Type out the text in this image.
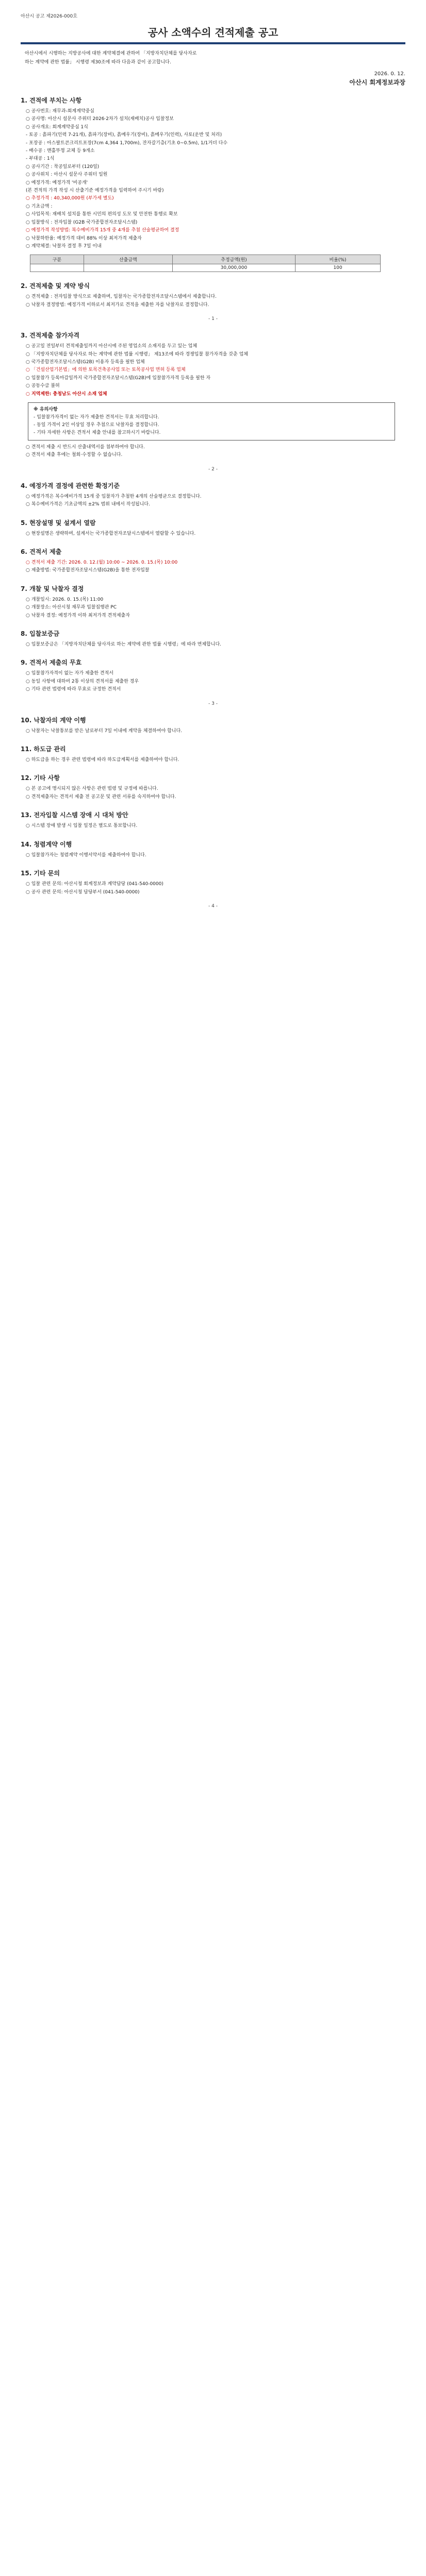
아산시 공고 제2026-000호
공사 소액수의 견적제출 공고
아산시에서 시행하는 지방공사에 대한 계약체결에 관하여 「지방자치단체를 당사자로
하는 계약에 관한 법률」 시행령 제30조에 따라 다음과 같이 공고합니다.
2026. 0. 12.
아산시 회계정보과장
1. 견적에 부치는 사항
○ 공사번호: 재무과-회계계약중심
○ 공사명: 아산시 설문사 주위터 2026·2차가 설치(재배치)공사 입찰정보
○ 공사개요: 회계계약중심 1식
- 토공 : 흙파기(인력 7-21개), 흙파기(장비), 흙메우기(장비), 흙메우기(인력), 사토(운반 및 처리)
- 포장공 : 아스팔트콘크리트포장(7cm 4,364 1,700m), 잔자갈기층(기초 0~0.5m), 1/1거더 다수
- 배수공 : 맨홀뚜껑 교체 등 9개소
- 부대공 : 1식
○ 공사기간 : 착공일로부터 (120일)
○ 공사위치 : 아산시 설문사 주위터 일원
○ 예정가격: 예정가격 '비공개'
(본 견적의 가격 작성 시 산출기준 예정가격을 입력하여 주시기 바람)
○ 추정가격 : 40,340,000원 (부가세 별도)
○ 기초금액 :
○ 사업목적: 재배치 설치를 통한 시민의 편의성 도모 및 안전한 통행로 확보
○ 입찰방식 : 전자입찰 (G2B 국가종합전자조달시스템)
○ 예정가격 작성방법: 복수예비가격 15개 중 4개를 추첨 산술평균하여 결정
○ 낙찰하한율: 예정가격 대비 88% 이상 최저가격 제출자
○ 계약체결: 낙찰자 결정 후 7일 이내
구분	산출금액	추정금액(원)	비율(%)
		30,000,000	100
2. 견적제출 및 계약 방식
○ 견적제출 : 전자입찰 방식으로 제출하며, 입찰자는 국가종합전자조달시스템에서 제출합니다.
○ 낙찰자 결정방법: 예정가격 이하로서 최저가로 견적을 제출한 자를 낙찰자로 결정합니다.
- 1 -
3. 견적제출 참가자격
○ 공고일 전일부터 견적제출일까지 아산시에 주된 영업소의 소재지를 두고 있는 업체
○ 「지방자치단체를 당사자로 하는 계약에 관한 법률 시행령」 제13조에 따라 경쟁입찰 참가자격을 갖춘 업체
○ 국가종합전자조달시스템(G2B) 이용자 등록을 필한 업체
○ 「건설산업기본법」에 의한 토목건축공사업 또는 토목공사업 면허 등록 업체
○ 입찰참가 등록마감일까지 국가종합전자조달시스템(G2B)에 입찰참가자격 등록을 필한 자
○ 공동수급 불허
○ 지역제한: 충청남도 아산시 소재 업체
※ 유의사항
- 입찰참가자격이 없는 자가 제출한 견적서는 무효 처리합니다.
- 동일 가격이 2인 이상일 경우 추첨으로 낙찰자를 결정합니다.
- 기타 자세한 사항은 견적서 제출 안내를 참고하시기 바랍니다.
○ 견적서 제출 시 반드시 산출내역서를 첨부하여야 합니다.
○ 견적서 제출 후에는 철회·수정할 수 없습니다.
- 2 -
4. 예정가격 결정에 관련한 확정기준
○ 예정가격은 복수예비가격 15개 중 입찰자가 추첨한 4개의 산술평균으로 결정합니다.
○ 복수예비가격은 기초금액의 ±2% 범위 내에서 작성됩니다.
5. 현장설명 및 설계서 열람
○ 현장설명은 생략하며, 설계서는 국가종합전자조달시스템에서 열람할 수 있습니다.
6. 견적서 제출
○ 견적서 제출 기간: 2026. 0. 12.(월) 10:00 ~ 2026. 0. 15.(목) 10:00
○ 제출방법: 국가종합전자조달시스템(G2B)을 통한 전자입찰
7. 개찰 및 낙찰자 결정
○ 개찰일시: 2026. 0. 15.(목) 11:00
○ 개찰장소: 아산시청 재무과 입찰집행관 PC
○ 낙찰자 결정: 예정가격 이하 최저가격 견적제출자
8. 입찰보증금
○ 입찰보증금은 「지방자치단체를 당사자로 하는 계약에 관한 법률 시행령」에 따라 면제합니다.
9. 견적서 제출의 무효
○ 입찰참가자격이 없는 자가 제출한 견적서
○ 동일 사항에 대하여 2통 이상의 견적서를 제출한 경우
○ 기타 관련 법령에 따라 무효로 규정한 견적서
- 3 -
10. 낙찰자의 계약 이행
○ 낙찰자는 낙찰통보를 받은 날로부터 7일 이내에 계약을 체결하여야 합니다.
11. 하도급 관리
○ 하도급을 하는 경우 관련 법령에 따라 하도급계획서를 제출하여야 합니다.
12. 기타 사항
○ 본 공고에 명시되지 않은 사항은 관련 법령 및 규정에 따릅니다.
○ 견적제출자는 견적서 제출 전 공고문 및 관련 서류를 숙지하여야 합니다.
13. 전자입찰 시스템 장애 시 대처 방안
○ 시스템 장애 발생 시 입찰 일정은 별도로 통보합니다.
14. 청렴계약 이행
○ 입찰참가자는 청렴계약 이행서약서를 제출하여야 합니다.
15. 기타 문의
○ 입찰 관련 문의: 아산시청 회계정보과 계약담당 (041-540-0000)
○ 공사 관련 문의: 아산시청 담당부서 (041-540-0000)
- 4 -
